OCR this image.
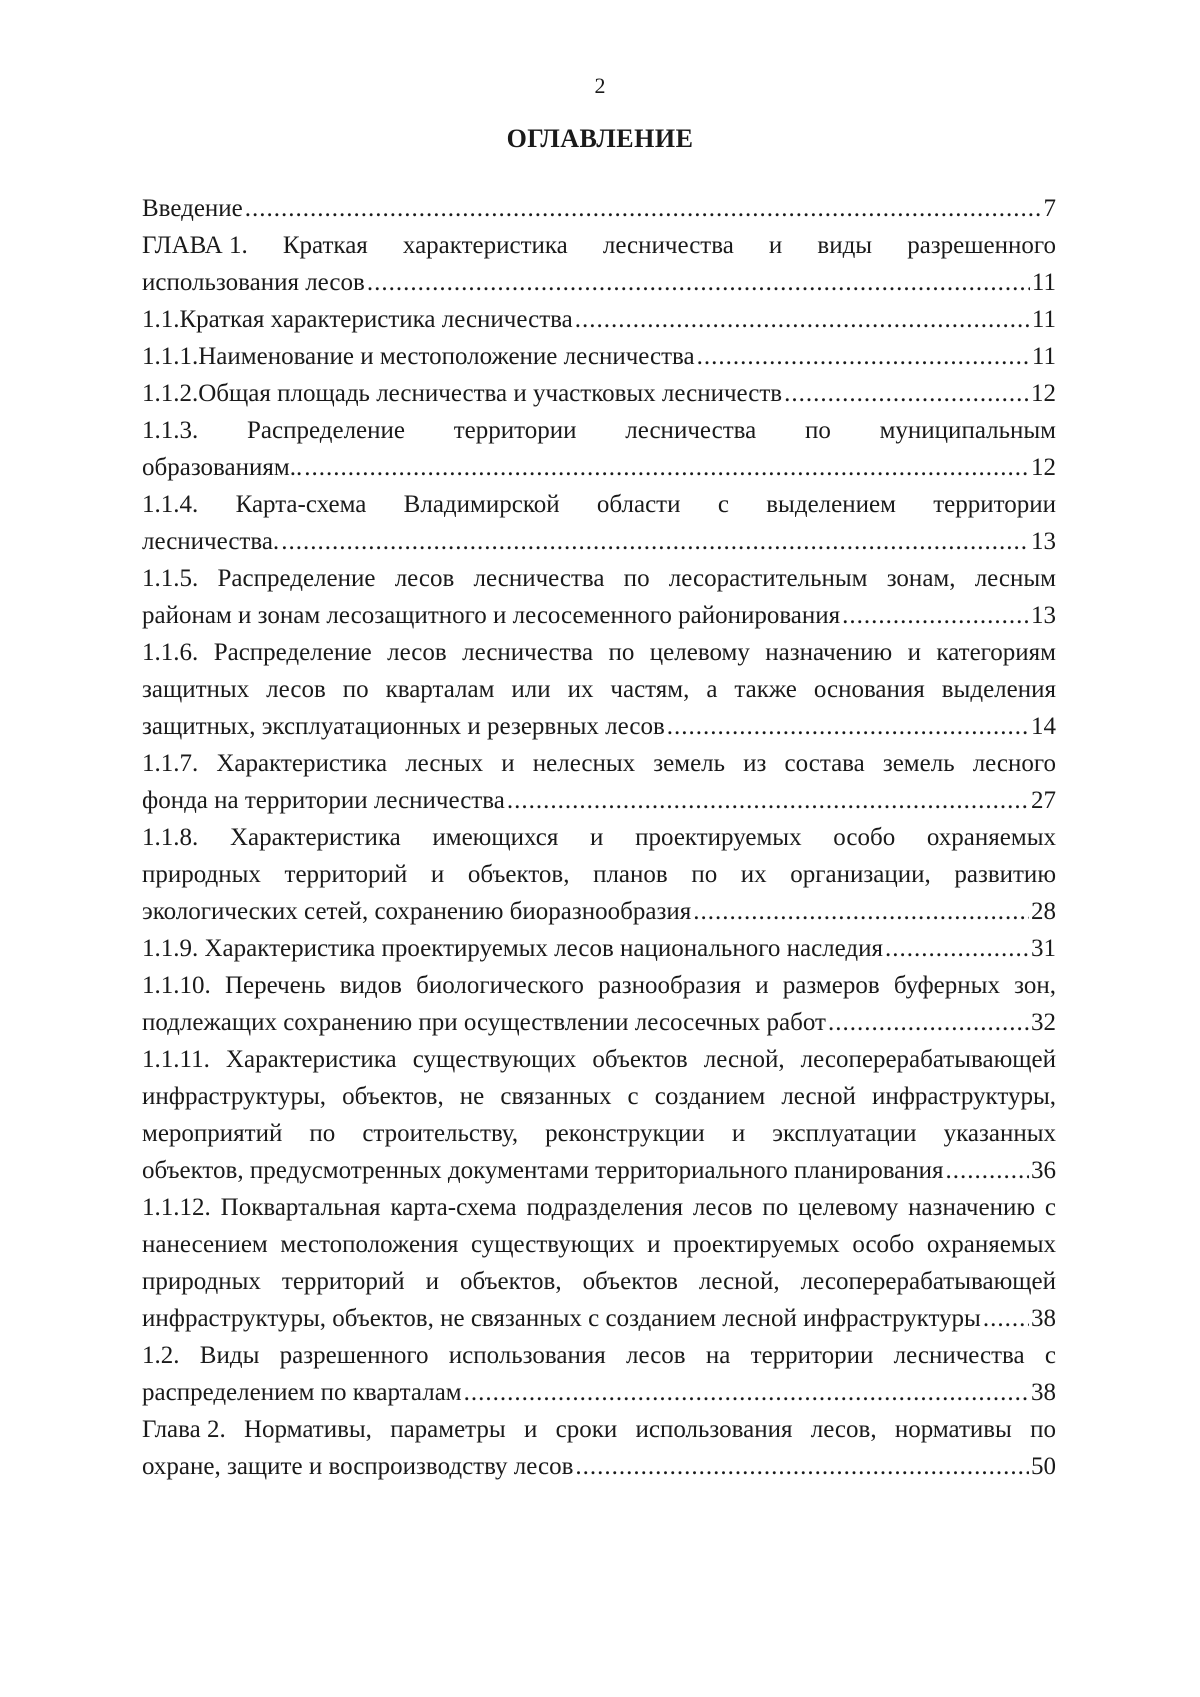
2
ОГЛАВЛЕНИЕ
Введение .....	7
ГЛАВА 1. Краткая характеристика лесничества и виды разрешенного
использования лесов .....	11
1.1. Краткая характеристика лесничества .....	11
1.1.1. Наименование и местоположение лесничества .....	11
1.1.2. Общая площадь лесничества и участковых лесничеств .....	12
1.1.3. Распределение территории лесничества по муниципальным
образованиям.. .....	12
1.1.4. Карта-схема Владимирской области с выделением территории
лесничества. .....	13
1.1.5. Распределение лесов лесничества по лесорастительным зонам, лесным
районам и зонам лесозащитного и лесосеменного районирования .....	13
1.1.6. Распределение лесов лесничества по целевому назначению и категориям
защитных лесов по кварталам или их частям, а также основания выделения
защитных, эксплуатационных и резервных лесов .....	14
1.1.7. Характеристика лесных и нелесных земель из состава земель лесного
фонда на территории лесничества .....	27
1.1.8. Характеристика имеющихся и проектируемых особо охраняемых
природных территорий и объектов, планов по их организации, развитию
экологических сетей, сохранению биоразнообразия .....	28
1.1.9.
Характеристика проектируемых лесов национального наследия .....	31
1.1.10. Перечень видов биологического разнообразия и размеров буферных зон,
подлежащих сохранению при осуществлении лесосечных работ .....	32
1.1.11. Характеристика существующих объектов лесной, лесоперерабатывающей
инфраструктуры, объектов, не связанных с созданием лесной инфраструктуры,
мероприятий по строительству, реконструкции и эксплуатации указанных
объектов, предусмотренных документами территориального планирования .....	36
1.1.12. Поквартальная карта-схема подразделения лесов по целевому назначению с
нанесением местоположения существующих и проектируемых особо охраняемых
природных территорий и объектов, объектов лесной, лесоперерабатывающей
инфраструктуры, объектов, не связанных с созданием лесной инфраструктуры ..... 38
1.2. Виды разрешенного использования лесов на территории лесничества с
распределением по кварталам .....	38
Глава 2. Нормативы, параметры и сроки использования лесов, нормативы по
охране, защите и воспроизводству лесов .....	50
